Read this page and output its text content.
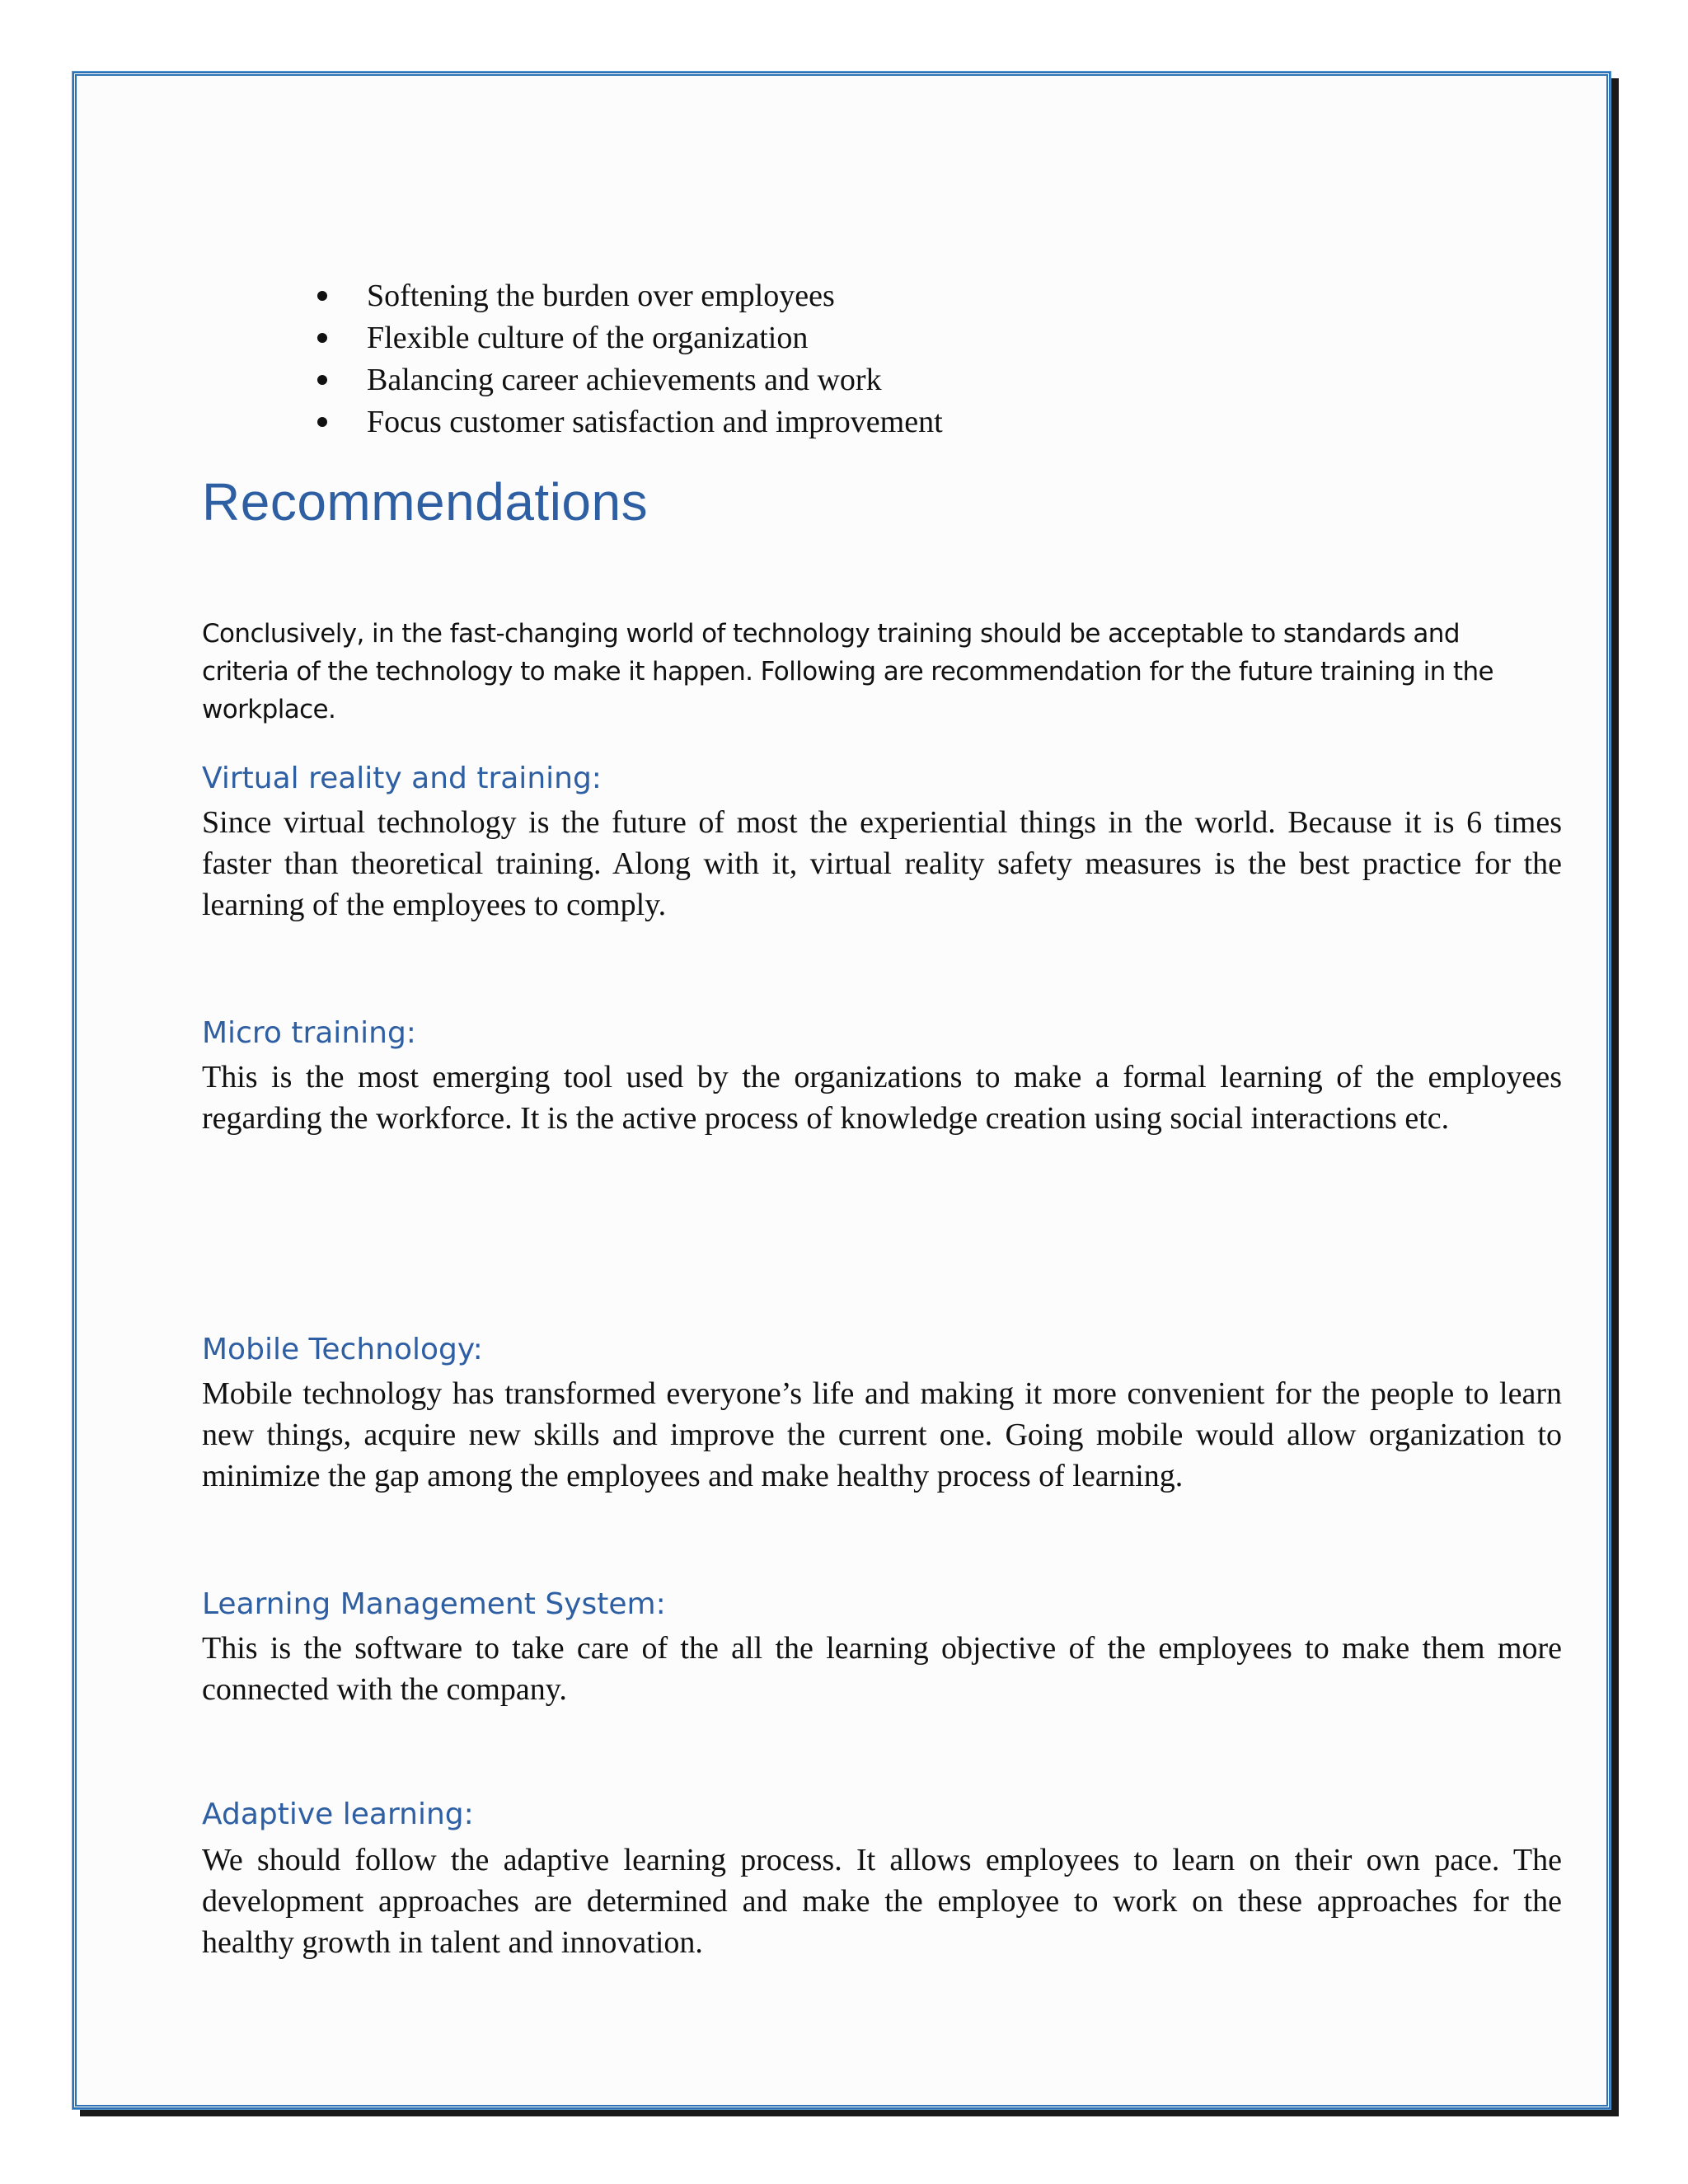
Softening the burden over employees
Flexible culture of the organization
Balancing career achievements and work
Focus customer satisfaction and improvement
Recommendations
Conclusively, in the fast-changing world of technology training should be acceptable to standards and criteria of the technology to make it happen. Following are recommendation for the future training in the workplace.
Virtual reality and training:
Since virtual technology is the future of most the experiential things in the world. Because it is 6 times faster than theoretical training. Along with it, virtual reality safety measures is the best practice for the learning of the employees to comply.
Micro training:
This is the most emerging tool used by the organizations to make a formal learning of the employees regarding the workforce. It is the active process of knowledge creation using social interactions etc.
Mobile Technology:
Mobile technology has transformed everyone’s life and making it more convenient for the people to learn new things, acquire new skills and improve the current one. Going mobile would allow organization to minimize the gap among the employees and make healthy process of learning.
Learning Management System:
This is the software to take care of the all the learning objective of the employees to make them more connected with the company.
Adaptive learning:
We should follow the adaptive learning process. It allows employees to learn on their own pace. The development approaches are determined and make the employee to work on these approaches for the healthy growth in talent and innovation.
